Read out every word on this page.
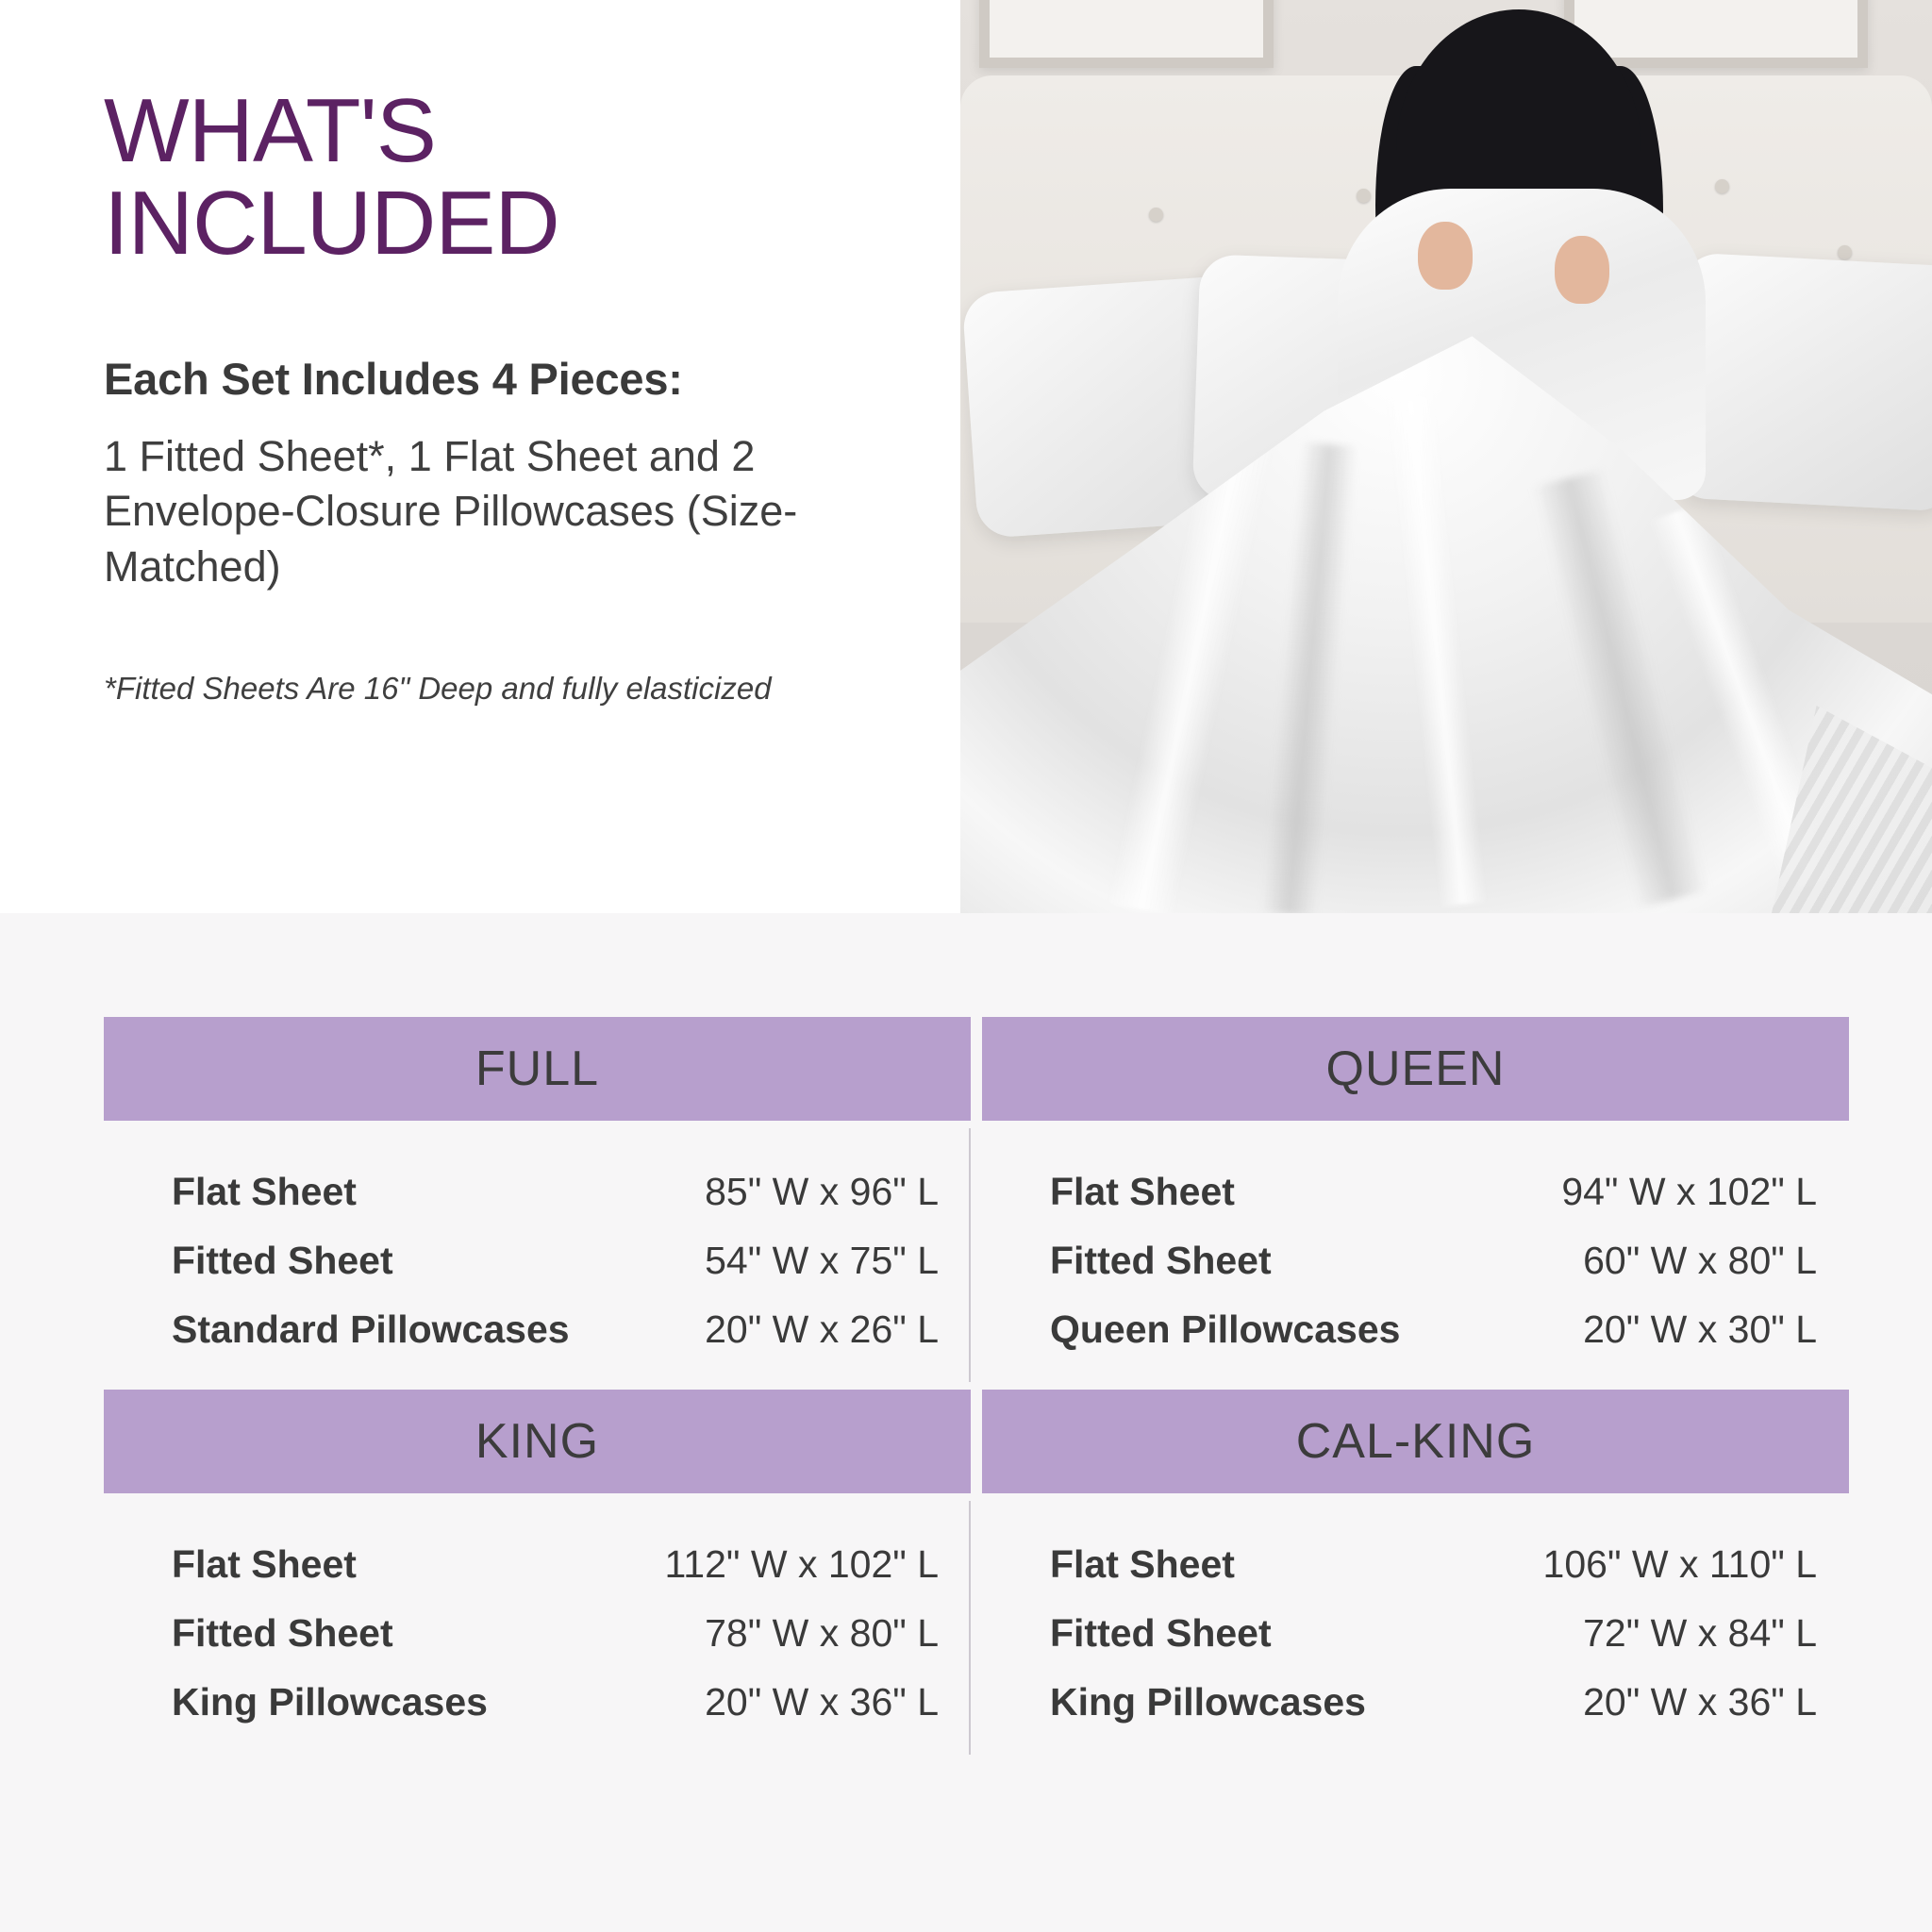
WHAT'S INCLUDED
Each Set Includes 4 Pieces:
1 Fitted Sheet*, 1 Flat Sheet and 2 Envelope-Closure Pillowcases (Size-Matched)
*Fitted Sheets Are 16" Deep and fully elasticized
FULL	QUEEN
Flat Sheet	85" W x 96" L
Fitted Sheet	54" W x 75" L
Standard Pillowcases	20" W x 26" L
Flat Sheet	94" W x 102" L
Fitted Sheet	60" W x 80" L
Queen Pillowcases	20" W x 30" L
KING	CAL-KING
Flat Sheet	112" W x 102" L
Fitted Sheet	78" W x 80" L
King Pillowcases	20" W x 36" L
Flat Sheet	106" W x 110" L
Fitted Sheet	72" W x 84" L
King Pillowcases	20" W x 36" L
